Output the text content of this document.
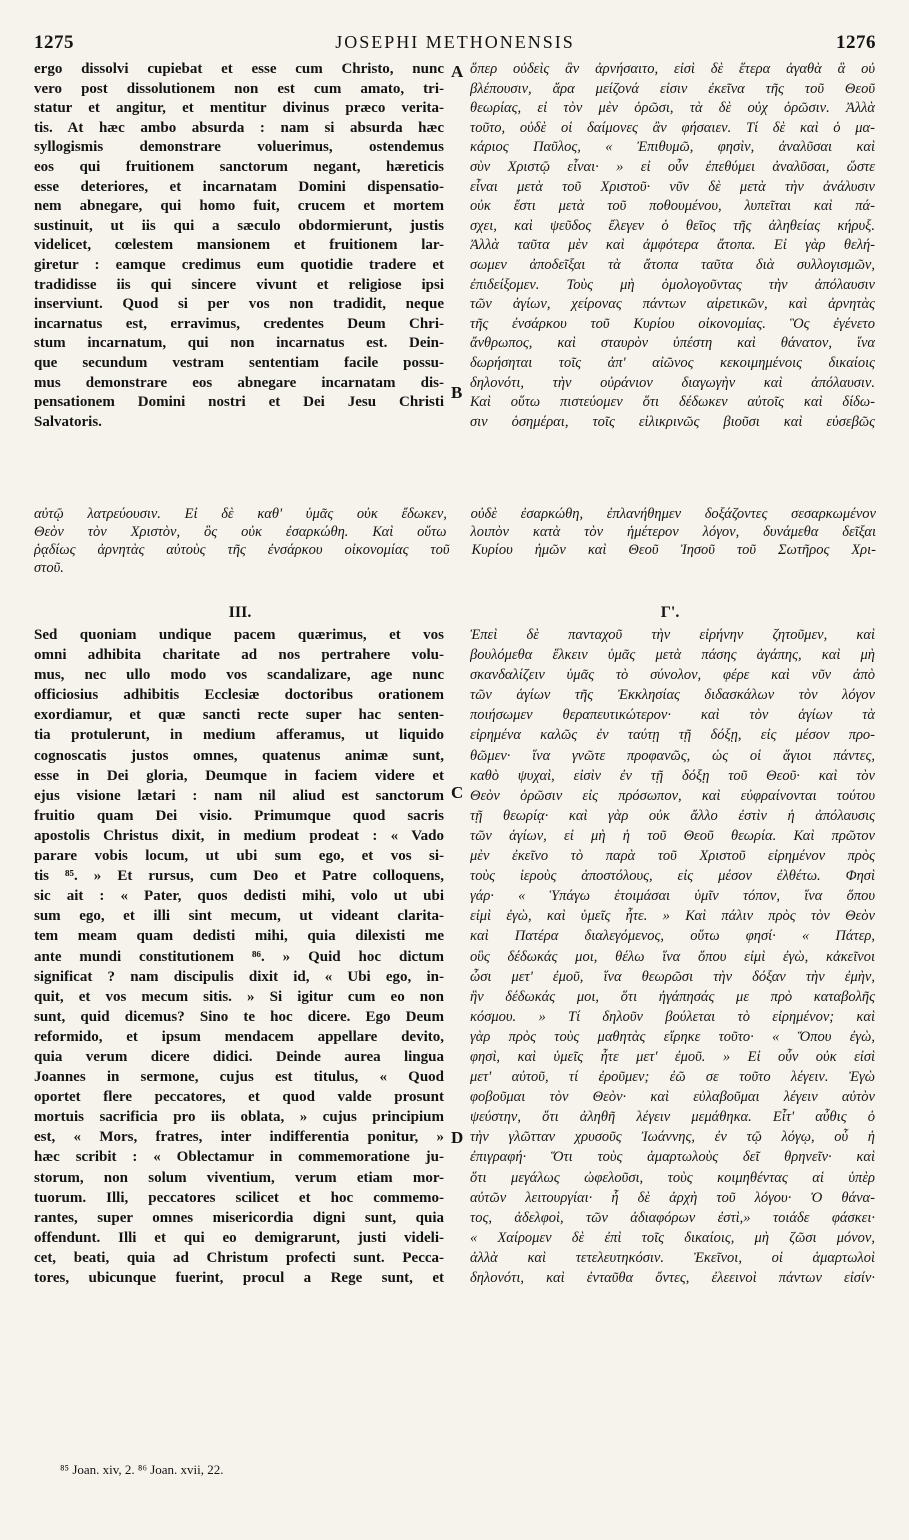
1275	JOSEPHI METHONENSIS	1276
ergo dissolvi cupiebat et esse cum Christo, nunc
vero post dissolutionem non est cum amato, tri-
statur et angitur, et mentitur divinus præco verita-
tis. At hæc ambo absurda : nam si absurda hæc
syllogismis demonstrare voluerimus, ostendemus
eos qui fruitionem sanctorum negant, hæreticis
esse deteriores, et incarnatam Domini dispensatio-
nem abnegare, qui homo fuit, crucem et mortem
sustinuit, ut iis qui a sæculo obdormierunt, justis
videlicet, cœlestem mansionem et fruitionem lar-
giretur : eamque credimus eum quotidie tradere et
tradidisse iis qui sincere vivunt et religiose ipsi
inserviunt. Quod si per vos non tradidit, neque
incarnatus est, erravimus, credentes Deum Chri-
stum incarnatum, qui non incarnatus est. Dein-
que secundum vestram sententiam facile possu-
mus demonstrare eos abnegare incarnatam dis-
pensationem Domini nostri et Dei Jesu Christi
Salvatoris.
ὅπερ οὐδεὶς ἂν ἀρνήσαιτο, εἰσὶ δὲ ἕτερα ἀγαθὰ ἃ οὐ
βλέπουσιν, ἄρα μείζονά εἰσιν ἐκεῖνα τῆς τοῦ Θεοῦ
θεωρίας, εἰ τὸν μὲν ὁρῶσι, τὰ δὲ οὐχ ὁρῶσιν. Ἀλλὰ
τοῦτο, οὐδὲ οἱ δαίμονες ἂν φήσαιεν. Τί δὲ καὶ ὁ μα-
κάριος Παῦλος, « Ἐπιθυμῶ, φησὶν, ἀναλῦσαι καὶ
σὺν Χριστῷ εἶναι· » εἰ οὖν ἐπεθύμει ἀναλῦσαι, ὥστε
εἶναι μετὰ τοῦ Χριστοῦ· νῦν δὲ μετὰ τὴν ἀνάλυσιν
οὐκ ἔστι μετὰ τοῦ ποθουμένου, λυπεῖται καὶ πά-
σχει, καὶ ψεῦδος ἔλεγεν ὁ θεῖος τῆς ἀληθείας κήρυξ.
Ἀλλὰ ταῦτα μὲν καὶ ἀμφότερα ἄτοπα. Εἰ γὰρ θελή-
σωμεν ἀποδεῖξαι τὰ ἄτοπα ταῦτα διὰ συλλογισμῶν,
ἐπιδείξομεν. Τοὺς μὴ ὁμολογοῦντας τὴν ἀπόλαυσιν
τῶν ἁγίων, χείρονας πάντων αἱρετικῶν, καὶ ἀρνητὰς
τῆς ἐνσάρκου τοῦ Κυρίου οἰκονομίας. Ὃς ἐγένετο
ἄνθρωπος, καὶ σταυρὸν ὑπέστη καὶ θάνατον, ἵνα
δωρήσηται τοῖς ἀπ' αἰῶνος κεκοιμημένοις δικαίοις
δηλονότι, τὴν οὐράνιον διαγωγὴν καὶ ἀπόλαυσιν.
Καὶ οὕτω πιστεύομεν ὅτι δέδωκεν αὐτοῖς καὶ δίδω-
σιν ὁσημέραι, τοῖς εἰλικρινῶς βιοῦσι καὶ εὐσεβῶς
αὐτῷ λατρεύουσιν. Εἰ δὲ καθ' ὑμᾶς οὐκ ἔδωκεν, οὐδὲ ἐσαρκώθη, ἐπλανήθημεν δοξάζοντες σεσαρκωμένον
Θεὸν τὸν Χριστὸν, ὃς οὐκ ἐσαρκώθη. Καὶ οὕτω λοιπὸν κατὰ τὸν ἡμέτερον λόγον, δυνάμεθα δεῖξαι
ῥᾳδίως ἀρνητὰς αὐτοὺς τῆς ἐνσάρκου οἰκονομίας τοῦ Κυρίου ἡμῶν καὶ Θεοῦ Ἰησοῦ τοῦ Σωτῆρος Χρι-
στοῦ.
A
B
C
D
III.	Γ'.
Sed quoniam undique pacem quærimus, et vos
omni adhibita charitate ad nos pertrahere volu-
mus, nec ullo modo vos scandalizare, age nunc
officiosius adhibitis Ecclesiæ doctoribus orationem
exordiamur, et quæ sancti recte super hac senten-
tia protulerunt, in medium afferamus, ut liquido
cognoscatis justos omnes, quatenus animæ sunt,
esse in Dei gloria, Deumque in faciem videre et
ejus visione lætari : nam nil aliud est sanctorum
fruitio quam Dei visio. Primumque quod sacris
apostolis Christus dixit, in medium prodeat : « Vado
parare vobis locum, ut ubi sum ego, et vos si-
tis ⁸⁵. » Et rursus, cum Deo et Patre colloquens,
sic ait : « Pater, quos dedisti mihi, volo ut ubi
sum ego, et illi sint mecum, ut videant clarita-
tem meam quam dedisti mihi, quia dilexisti me
ante mundi constitutionem ⁸⁶. » Quid hoc dictum
significat ? nam discipulis dixit id, « Ubi ego, in-
quit, et vos mecum sitis. » Si igitur cum eo non
sunt, quid dicemus? Sino te hoc dicere. Ego Deum
reformido, et ipsum mendacem appellare devito,
quia verum dicere didici. Deinde aurea lingua
Joannes in sermone, cujus est titulus, « Quod
oportet flere peccatores, et quod valde prosunt
mortuis sacrificia pro iis oblata, » cujus principium
est, « Mors, fratres, inter indifferentia ponitur, »
hæc scribit : « Oblectamur in commemoratione ju-
storum, non solum viventium, verum etiam mor-
tuorum. Illi, peccatores scilicet et hoc commemo-
rantes, super omnes misericordia digni sunt, quia
offendunt. Illi et qui eo demigrarunt, justi videli-
cet, beati, quia ad Christum profecti sunt. Pecca-
tores, ubicunque fuerint, procul a Rege sunt, et
Ἐπεὶ δὲ πανταχοῦ τὴν εἰρήνην ζητοῦμεν, καὶ
βουλόμεθα ἕλκειν ὑμᾶς μετὰ πάσης ἀγάπης, καὶ μὴ
σκανδαλίζειν ὑμᾶς τὸ σύνολον, φέρε καὶ νῦν ἀπὸ
τῶν ἁγίων τῆς Ἐκκλησίας διδασκάλων τὸν λόγον
ποιήσωμεν θεραπευτικώτερον· καὶ τὸν ἁγίων τὰ
εἰρημένα καλῶς ἐν ταύτῃ τῇ δόξῃ, εἰς μέσον προ-
θῶμεν· ἵνα γνῶτε προφανῶς, ὡς οἱ ἅγιοι πάντες,
καθὸ ψυχαὶ, εἰσὶν ἐν τῇ δόξῃ τοῦ Θεοῦ· καὶ τὸν
Θεὸν ὁρῶσιν εἰς πρόσωπον, καὶ εὐφραίνονται τούτου
τῇ θεωρίᾳ· καὶ γὰρ οὐκ ἄλλο ἐστὶν ἡ ἀπόλαυσις
τῶν ἁγίων, εἰ μὴ ἡ τοῦ Θεοῦ θεωρία. Καὶ πρῶτον
μὲν ἐκεῖνο τὸ παρὰ τοῦ Χριστοῦ εἰρημένον πρὸς
τοὺς ἱεροὺς ἀποστόλους, εἰς μέσον ἐλθέτω. Φησὶ
γάρ· « Ὑπάγω ἑτοιμάσαι ὑμῖν τόπον, ἵνα ὅπου
εἰμὶ ἐγὼ, καὶ ὑμεῖς ἦτε. » Καὶ πάλιν πρὸς τὸν Θεὸν
καὶ Πατέρα διαλεγόμενος, οὕτω φησί· « Πάτερ,
οὓς δέδωκάς μοι, θέλω ἵνα ὅπου εἰμὶ ἐγὼ, κἀκεῖνοι
ὦσι μετ' ἐμοῦ, ἵνα θεωρῶσι τὴν δόξαν τὴν ἐμὴν,
ἣν δέδωκάς μοι, ὅτι ἠγάπησάς με πρὸ καταβολῆς
κόσμου. » Τί δηλοῦν βούλεται τὸ εἰρημένον; καὶ
γὰρ πρὸς τοὺς μαθητὰς εἴρηκε τοῦτο· « Ὅπου ἐγὼ,
φησὶ, καὶ ὑμεῖς ἦτε μετ' ἐμοῦ. » Εἰ οὖν οὐκ εἰσὶ
μετ' αὐτοῦ, τί ἐροῦμεν; ἐῶ σε τοῦτο λέγειν. Ἐγὼ
φοβοῦμαι τὸν Θεὸν· καὶ εὐλαβοῦμαι λέγειν αὐτὸν
ψεύστην, ὅτι ἀληθῆ λέγειν μεμάθηκα. Εἶτ' αὖθις ὁ
τὴν γλῶτταν χρυσοῦς Ἰωάννης, ἐν τῷ λόγῳ, οὗ ἡ
ἐπιγραφή· Ὅτι τοὺς ἁμαρτωλοὺς δεῖ θρηνεῖν· καὶ
ὅτι μεγάλως ὠφελοῦσι, τοὺς κοιμηθέντας αἱ ὑπὲρ
αὐτῶν λειτουργίαι· ἧ δὲ ἀρχὴ τοῦ λόγου· Ὁ θάνα-
τος, ἀδελφοὶ, τῶν ἀδιαφόρων ἐστὶ,» τοιάδε φάσκει·
« Χαίρομεν δὲ ἐπὶ τοῖς δικαίοις, μὴ ζῶσι μόνον,
ἀλλὰ καὶ τετελευτηκόσιν. Ἐκεῖνοι, οἱ ἁμαρτωλοὶ
δηλονότι, καὶ ἐνταῦθα ὄντες, ἐλεεινοὶ πάντων εἰσίν·
⁸⁵ Joan. xiv, 2. ⁸⁶ Joan. xvii, 22.
